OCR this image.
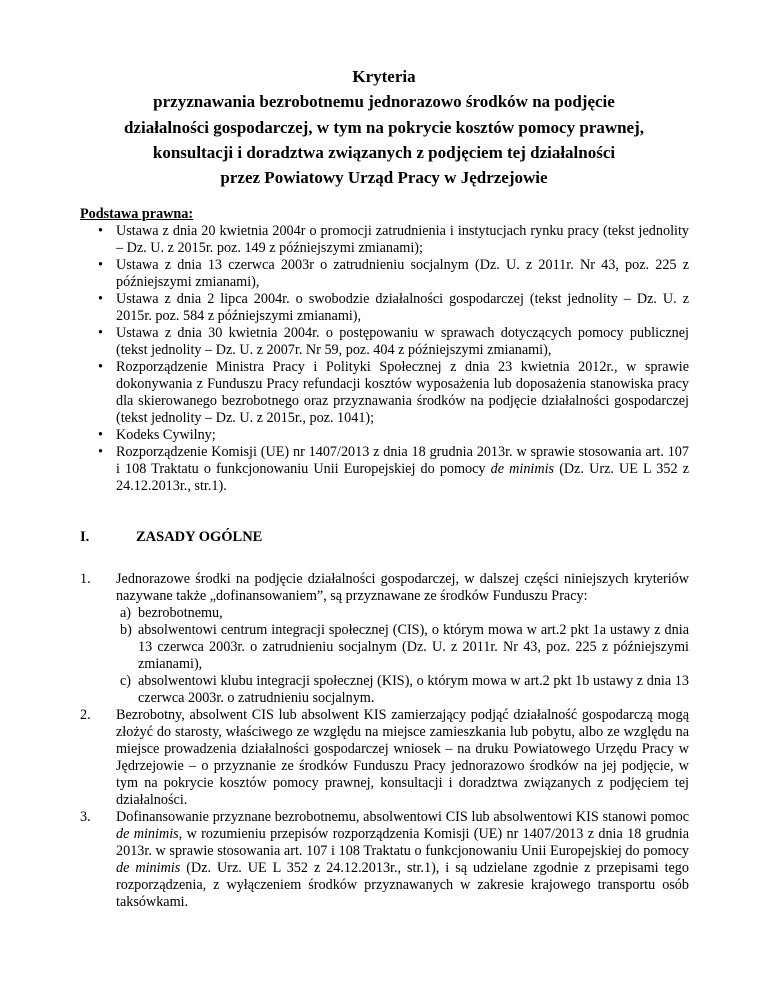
Kryteria
przyznawania bezrobotnemu jednorazowo środków na podjęcie
działalności gospodarczej, w tym na pokrycie kosztów pomocy prawnej,
konsultacji i doradztwa związanych z podjęciem tej działalności
przez Powiatowy Urząd Pracy w Jędrzejowie
Podstawa prawna:
• Ustawa z dnia 20 kwietnia 2004r o promocji zatrudnienia i instytucjach rynku pracy (tekst jednolity – Dz. U. z 2015r. poz. 149 z późniejszymi zmianami);
• Ustawa z dnia 13 czerwca 2003r o zatrudnieniu socjalnym (Dz. U. z 2011r. Nr 43, poz. 225 z późniejszymi zmianami),
• Ustawa z dnia 2 lipca 2004r. o swobodzie działalności gospodarczej (tekst jednolity – Dz. U. z 2015r. poz. 584 z późniejszymi zmianami),
• Ustawa z dnia 30 kwietnia 2004r. o postępowaniu w sprawach dotyczących pomocy publicznej (tekst jednolity – Dz. U. z 2007r. Nr 59, poz. 404 z późniejszymi zmianami),
• Rozporządzenie Ministra Pracy i Polityki Społecznej z dnia 23 kwietnia 2012r., w sprawie dokonywania z Funduszu Pracy refundacji kosztów wyposażenia lub doposażenia stanowiska pracy dla skierowanego bezrobotnego oraz przyznawania środków na podjęcie działalności gospodarczej (tekst jednolity – Dz. U. z 2015r., poz. 1041);
• Kodeks Cywilny;
• Rozporządzenie Komisji (UE) nr 1407/2013 z dnia 18 grudnia 2013r. w sprawie stosowania art. 107 i 108 Traktatu o funkcjonowaniu Unii Europejskiej do pomocy de minimis (Dz. Urz. UE L 352 z 24.12.2013r., str.1).
I.	ZASADY OGÓLNE
1. Jednorazowe środki na podjęcie działalności gospodarczej, w dalszej części niniejszych kryteriów nazywane także „dofinansowaniem”, są przyznawane ze środków Funduszu Pracy:
a) bezrobotnemu,
b) absolwentowi centrum integracji społecznej (CIS), o którym mowa w art.2 pkt 1a ustawy z dnia 13 czerwca 2003r. o zatrudnieniu socjalnym (Dz. U. z 2011r. Nr 43, poz. 225 z późniejszymi zmianami),
c) absolwentowi klubu integracji społecznej (KIS), o którym mowa w art.2 pkt 1b ustawy z dnia 13 czerwca 2003r. o zatrudnieniu socjalnym.
2. Bezrobotny, absolwent CIS lub absolwent KIS zamierzający podjąć działalność gospodarczą mogą złożyć do starosty, właściwego ze względu na miejsce zamieszkania lub pobytu, albo ze względu na miejsce prowadzenia działalności gospodarczej wniosek – na druku Powiatowego Urzędu Pracy w Jędrzejowie – o przyznanie ze środków Funduszu Pracy jednorazowo środków na jej podjęcie, w tym na pokrycie kosztów pomocy prawnej, konsultacji i doradztwa związanych z podjęciem tej działalności.
3. Dofinansowanie przyznane bezrobotnemu, absolwentowi CIS lub absolwentowi KIS stanowi pomoc de minimis, w rozumieniu przepisów rozporządzenia Komisji (UE) nr 1407/2013 z dnia 18 grudnia 2013r. w sprawie stosowania art. 107 i 108 Traktatu o funkcjonowaniu Unii Europejskiej do pomocy de minimis (Dz. Urz. UE L 352 z 24.12.2013r., str.1), i są udzielane zgodnie z przepisami tego rozporządzenia, z wyłączeniem środków przyznawanych w zakresie krajowego transportu osób taksówkami.
